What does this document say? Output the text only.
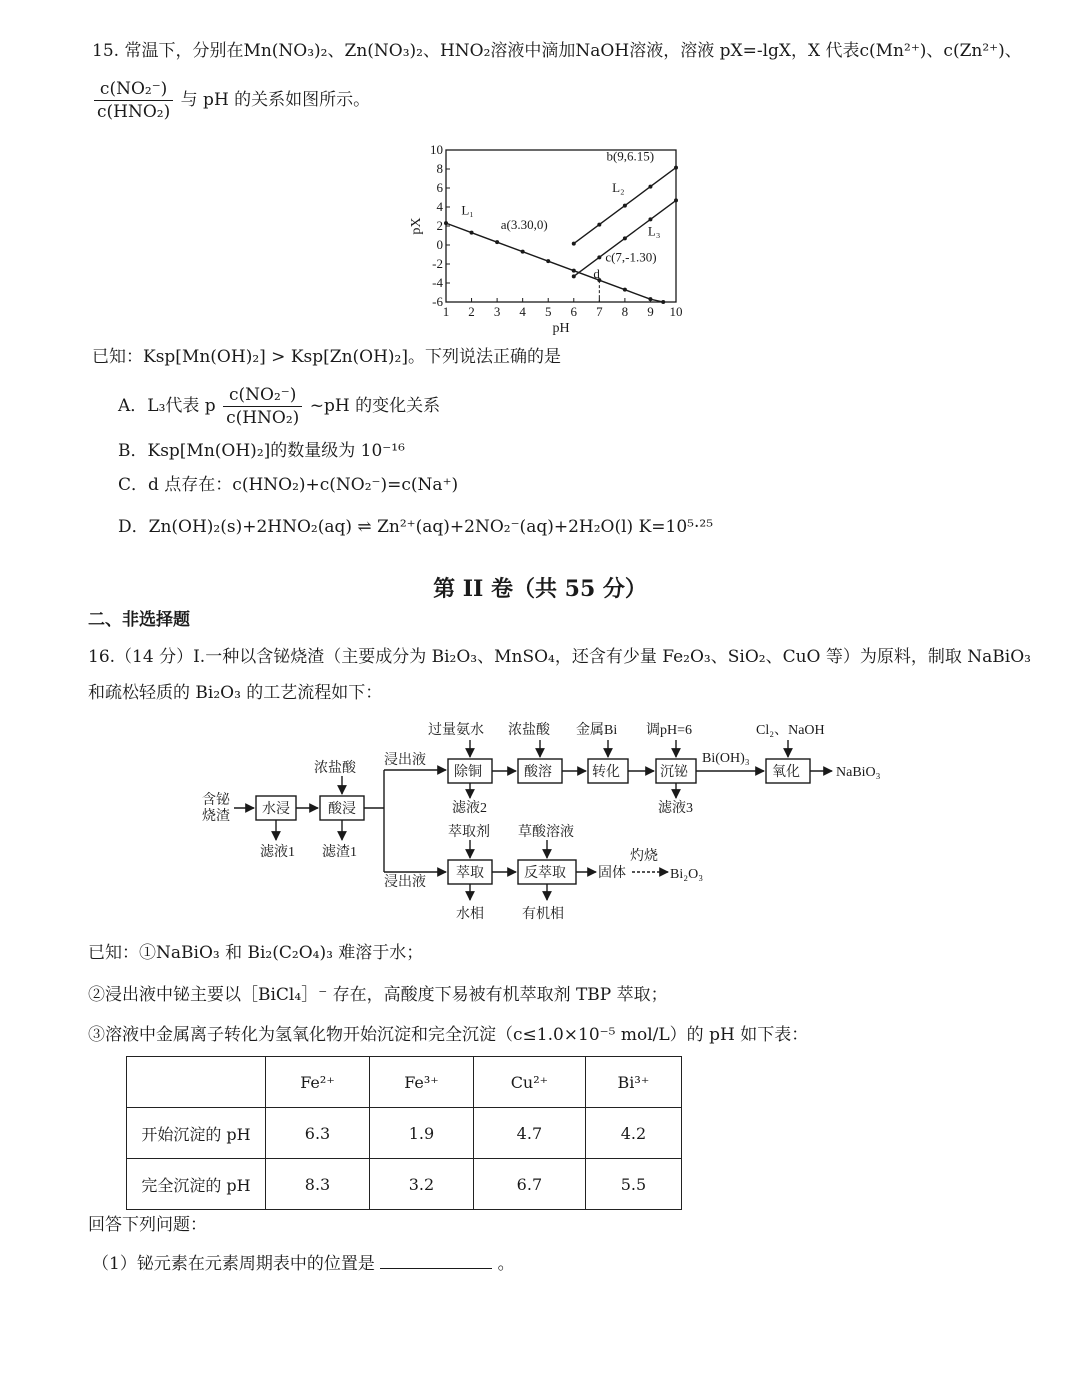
15. 常温下，分别在Mn(NO₃)₂、Zn(NO₃)₂、HNO₂溶液中滴加NaOH溶液，溶液 pX=-lgX，X 代表c(Mn²⁺)、c(Zn²⁺)、
$\frac{\text{c(NO₂⁻)}}{\text{c(HNO₂)}}$ 与 pH 的关系如图所示。
1 2 3 4 5 6 7 8 9 10
10
8
6
4
2
0
-2
-4
-6
pH
pX
L₁
L₂
L₃
a(3.30,0)
b(9,6.15)
c(7,-1.30)
d
已知：Ksp[Mn(OH)₂] > Ksp[Zn(OH)₂]。下列说法正确的是
A．L₃代表 p $\frac{\text{c(NO₂⁻)}}{\text{c(HNO₂)}}$ ~pH 的变化关系
B．Ksp[Mn(OH)₂]的数量级为 10⁻¹⁶
C．d 点存在：c(HNO₂)+c(NO₂⁻)=c(Na⁺)
D．Zn(OH)₂(s)+2HNO₂(aq) ⇌ Zn²⁺(aq)+2NO₂⁻(aq)+2H₂O(l) K=10⁵·²⁵
第 II 卷（共 55 分）
二、非选择题
16.（14 分）I.一种以含铋烧渣（主要成分为 Bi₂O₃、MnSO₄，还含有少量 Fe₂O₃、SiO₂、CuO 等）为原料，制取 NaBiO₃
和疏松轻质的 Bi₂O₃ 的工艺流程如下：
含铋
烧渣 水浸	酸浸
浓盐酸
滤液1 滤渣1
浸出液
浸出液
过量氨水 浓盐酸 金属Bi 调pH=6	Cl₂、NaOH
除铜	酸溶	转化	沉铋	氧化
Bi(OH)₃
NaBiO₃
滤液2	滤液3
萃取剂 草酸溶液
萃取	反萃取 固体
灼烧
Bi₂O₃
水相	有机相
已知：①NaBiO₃ 和 Bi₂(C₂O₄)₃ 难溶于水；
②浸出液中铋主要以［BiCl₄］⁻ 存在，高酸度下易被有机萃取剂 TBP 萃取；
③溶液中金属离子转化为氢氧化物开始沉淀和完全沉淀（c≤1.0×10⁻⁵ mol/L）的 pH 如下表：
	Fe²⁺	Fe³⁺	Cu²⁺	Bi³⁺
开始沉淀的 pH	6.3	1.9	4.7	4.2
完全沉淀的 pH	8.3	3.2	6.7	5.5
回答下列问题：
（1）铋元素在元素周期表中的位置是	。
